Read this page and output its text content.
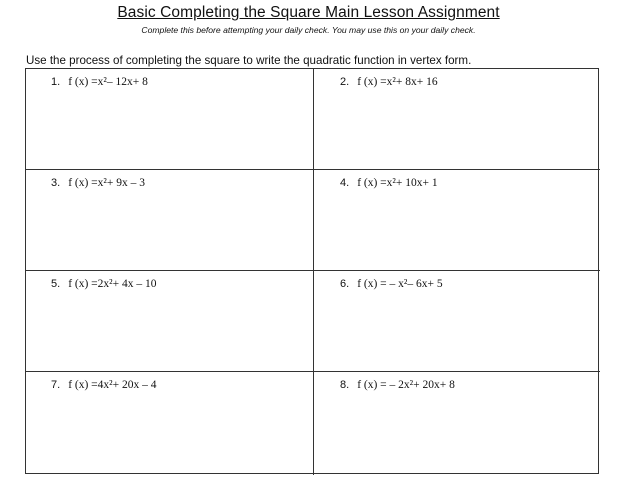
Basic Completing the Square Main Lesson Assignment
Complete this before attempting your daily check. You may use this on your daily check.
Use the process of completing the square to write the quadratic function in vertex form.
1. f (x) =x²– 12x+ 8	2. f (x) =x²+ 8x+ 16
3. f (x) =x²+ 9x – 3	4. f (x) =x²+ 10x+ 1
5. f (x) =2x²+ 4x – 10	6. f (x) = – x²– 6x+ 5
7. f (x) =4x²+ 20x – 4	8. f (x) = – 2x²+ 20x+ 8
